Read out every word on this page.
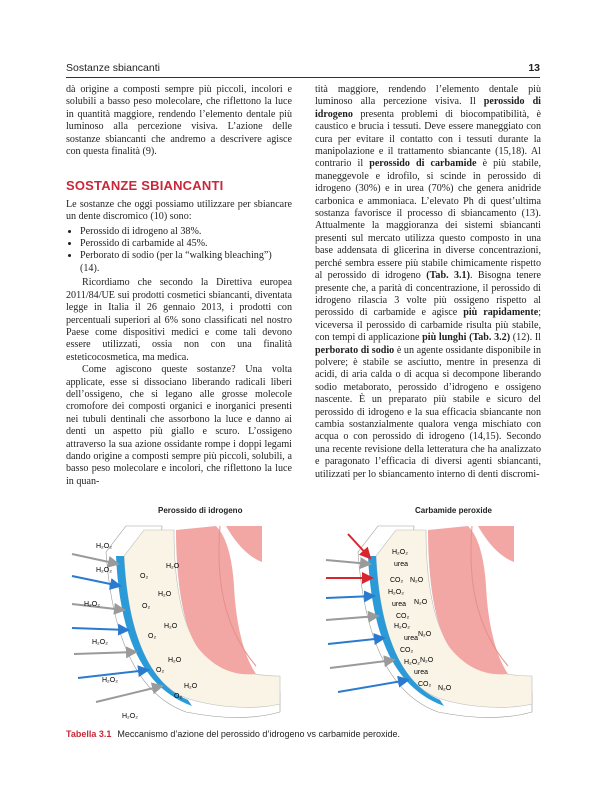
Sostanze sbiancanti	13

dà origine a composti sempre più piccoli, incolori e solubili a basso peso molecolare, che riflettono la luce in quantità maggiore, rendendo l’elemento dentale più luminoso alla percezione visiva. L’azione delle sostanze sbiancanti che andremo a descrivere agisce con questa finalità (9).

SOSTANZE SBIANCANTI

Le sostanze che oggi possiamo utilizzare per sbiancare un dente discromico (10) sono:

• Perossido di idrogeno al 38%.
• Perossido di carbamide al 45%.
• Perborato di sodio (per la “walking bleaching”) (14).

Ricordiamo che secondo la Direttiva europea 2011/84/UE sui prodotti cosmetici sbiancanti, diventata legge in Italia il 26 gennaio 2013, i prodotti con percentuali superiori al 6% sono classificati nel nostro Paese come dispositivi medici e come tali devono essere utilizzati, ossia non con una finalità esteticocosmetica, ma medica.

Come agiscono queste sostanze? Una volta applicate, esse si dissociano liberando radicali liberi dell’ossigeno, che si legano alle grosse molecole cromofore dei composti organici e inorganici presenti nei tubuli dentinali che assorbono la luce e danno ai denti un aspetto più giallo e scuro. L’ossigeno attraverso la sua azione ossidante rompe i doppi legami dando origine a composti sempre più piccoli, solubili, a basso peso molecolare e incolori, che riflettono la luce in quan-

tità maggiore, rendendo l’elemento dentale più luminoso alla percezione visiva. Il perossido di idrogeno presenta problemi di biocompatibilità, è caustico e brucia i tessuti. Deve essere maneggiato con cura per evitare il contatto con i tessuti durante la manipolazione e il trattamento sbiancante (15,18). Al contrario il perossido di carbamide è più stabile, maneggevole e idrofilo, si scinde in perossido di idrogeno (30%) e in urea (70%) che genera anidride carbonica e ammoniaca. L’elevato Ph di quest’ultima sostanza favorisce il processo di sbiancamento (13). Attualmente la maggioranza dei sistemi sbiancanti presenti sul mercato utilizza questo composto in una base addensata di glicerina in diverse concentrazioni, perché sembra essere più stabile chimicamente rispetto al perossido di idrogeno (Tab. 3.1). Bisogna tenere presente che, a parità di concentrazione, il perossido di idrogeno rilascia 3 volte più ossigeno rispetto al perossido di carbamide e agisce più rapidamente; viceversa il perossido di carbamide risulta più stabile, con tempi di applicazione più lunghi (Tab. 3.2) (12). Il perborato di sodio è un agente ossidante disponibile in polvere; è stabile se asciutto, mentre in presenza di acidi, di aria calda o di acqua si decompone liberando sodio metaborato, perossido d’idrogeno e ossigeno nascente. È un preparato più stabile e sicuro del perossido di idrogeno e la sua efficacia sbiancante non cambia sostanzialmente qualora venga mischiato con acqua o con perossido di idrogeno (14,15). Secondo una recente revisione della letteratura che ha analizzato e paragonato l’efficacia di diversi agenti sbiancanti, utilizzati per lo sbiancamento interno di denti discromi-

Perossido di idrogeno	Carbamide peroxide
H₂O₂
H₂O₂
H₂O₂
H₂O₂
H₂O₂
H₂O₂
H₂O
H₂O
H₂O
H₂O
H₂O
O₂
O₂
O₂
O₂
O₂
H₂O₂
urea
CO₂ N₂O
H₂O₂
urea
CO₂
N₂O
H₂O₂
urea
CO₂
N₂O
H₂O₂
urea
N₂O
CO₂
N₂O
Tabella 3.1 Meccanismo d’azione del perossido d’idrogeno vs carbamide peroxide.
